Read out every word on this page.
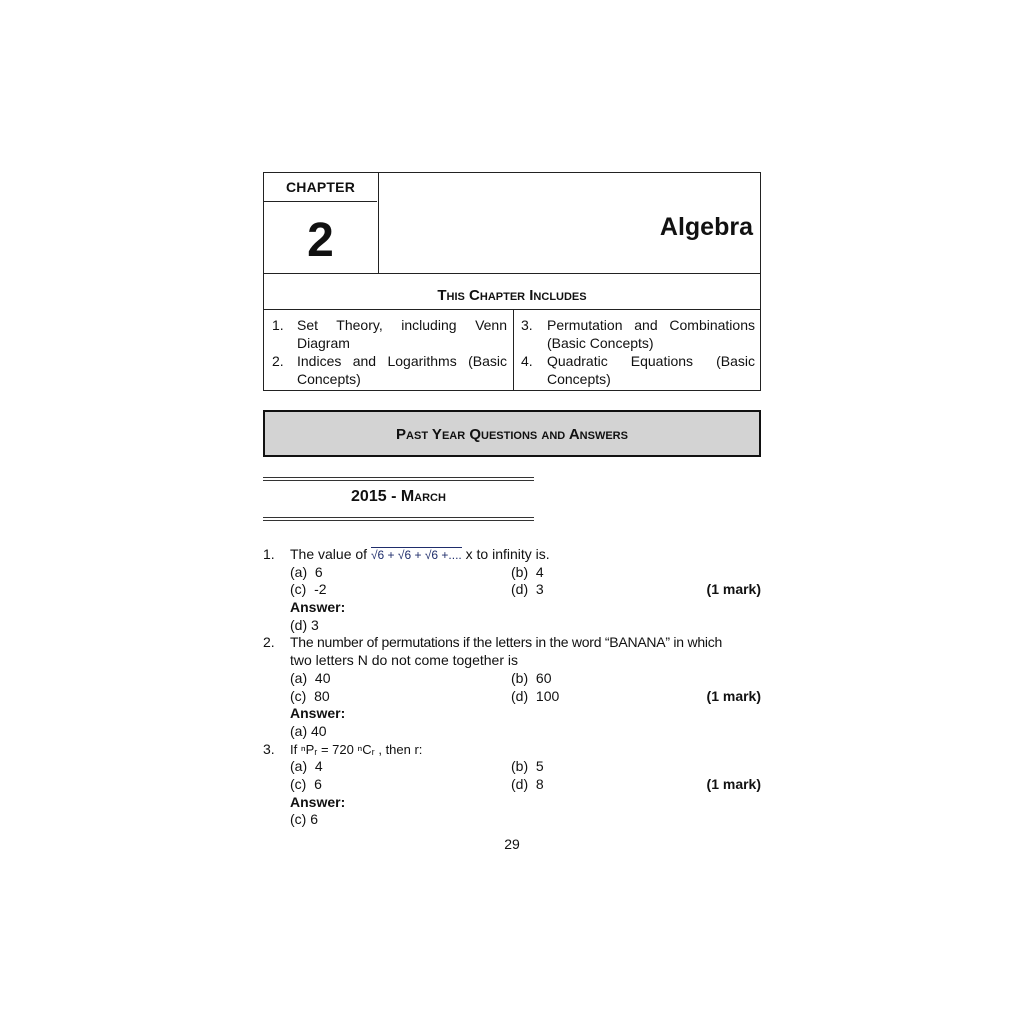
CHAPTER
2	Algebra
This Chapter Includes
1. Set Theory, including Venn
Diagram
2. Indices and Logarithms (Basic
Concepts)
3. Permutation and Combinations
(Basic Concepts)
4. Quadratic Equations (Basic
Concepts)
Past Year Questions and Answers
2015 - March
1. The value of √6 + √6 + √6 +.... x to infinity is.
(a) 6	(b) 4
(c) -2	(d) 3	(1 mark)
Answer:
(d) 3
2. The number of permutations if the letters in the word “BANANA” in which
two letters N do not come together is
(a) 40	(b) 60
(c) 80	(d) 100	(1 mark)
Answer:
(a) 40
3. If ⁿPᵣ = 720 ⁿCᵣ , then r:
(a) 4	(b) 5
(c) 6	(d) 8	(1 mark)
Answer:
(c) 6
29
